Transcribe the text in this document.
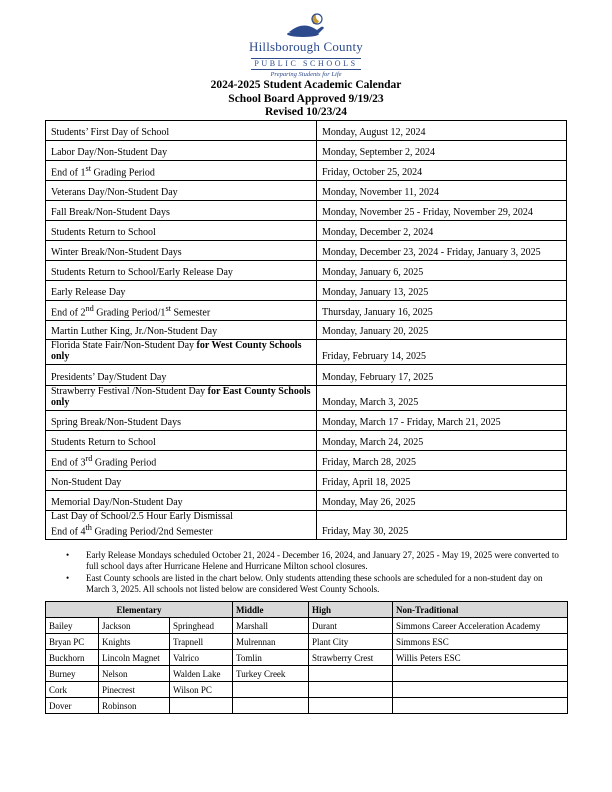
Hillsborough County
PUBLIC SCHOOLS
Preparing Students for Life
2024-2025 Student Academic Calendar
School Board Approved 9/19/23
Revised 10/23/24
Students’ First Day of School	Monday, August 12, 2024
Labor Day/Non-Student Day	Monday, September 2, 2024
End of 1st Grading Period	Friday, October 25, 2024
Veterans Day/Non-Student Day	Monday, November 11, 2024
Fall Break/Non-Student Days	Monday, November 25 - Friday, November 29, 2024
Students Return to School	Monday, December 2, 2024
Winter Break/Non-Student Days	Monday, December 23, 2024 - Friday, January 3, 2025
Students Return to School/Early Release Day	Monday, January 6, 2025
Early Release Day	Monday, January 13, 2025
End of 2nd Grading Period/1st Semester	Thursday, January 16, 2025
Martin Luther King, Jr./Non-Student Day	Monday, January 20, 2025
Florida State Fair/Non-Student Day for West County Schools only	Friday, February 14, 2025
Presidents’ Day/Student Day	Monday, February 17, 2025
Strawberry Festival /Non-Student Day for East County Schools only	Monday, March 3, 2025
Spring Break/Non-Student Days	Monday, March 17 - Friday, March 21, 2025
Students Return to School	Monday, March 24, 2025
End of 3rd Grading Period	Friday, March 28, 2025
Non-Student Day	Friday, April 18, 2025
Memorial Day/Non-Student Day	Monday, May 26, 2025
Last Day of School/2.5 Hour Early Dismissal
End of 4th Grading Period/2nd Semester	Friday, May 30, 2025
• Early Release Mondays scheduled October 21, 2024 - December 16, 2024, and January 27, 2025 - May 19, 2025 were converted to full school days after Hurricane Helene and Hurricane Milton school closures.
• East County schools are listed in the chart below. Only students attending these schools are scheduled for a non-student day on March 3, 2025. All schools not listed below are considered West County Schools.
Elementary			Middle	High	Non-Traditional
Bailey	Jackson	Springhead	Marshall	Durant	Simmons Career Acceleration Academy
Bryan PC	Knights	Trapnell	Mulrennan	Plant City	Simmons ESC
Buckhorn	Lincoln Magnet	Valrico	Tomlin	Strawberry Crest	Willis Peters ESC
Burney	Nelson	Walden Lake	Turkey Creek		
Cork	Pinecrest	Wilson PC			
Dover	Robinson				
